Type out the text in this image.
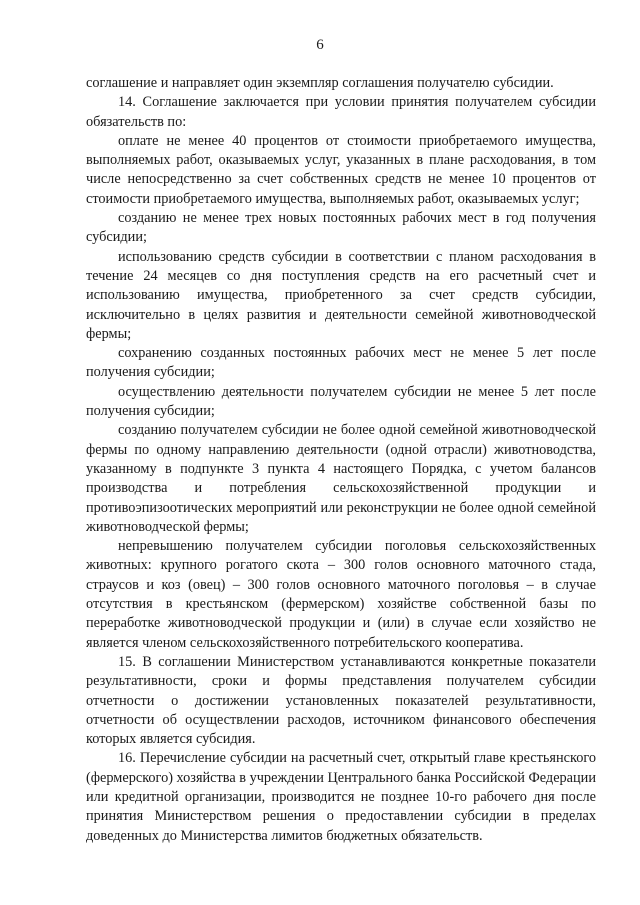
6

соглашение и направляет один экземпляр соглашения получателю субсидии.

14. Соглашение заключается при условии принятия получателем субсидии обязательств по:

оплате не менее 40 процентов от стоимости приобретаемого имущества, выполняемых работ, оказываемых услуг, указанных в плане расходования, в том числе непосредственно за счет собственных средств не менее 10 процентов от стоимости приобретаемого имущества, выполняемых работ, оказываемых услуг;

созданию не менее трех новых постоянных рабочих мест в год получения субсидии;

использованию средств субсидии в соответствии с планом расходования в течение 24 месяцев со дня поступления средств на его расчетный счет и использованию имущества, приобретенного за счет средств субсидии, исключительно в целях развития и деятельности семейной животноводческой фермы;

сохранению созданных постоянных рабочих мест не менее 5 лет после получения субсидии;

осуществлению деятельности получателем субсидии не менее 5 лет после получения субсидии;

созданию получателем субсидии не более одной семейной животноводческой фермы по одному направлению деятельности (одной отрасли) животноводства, указанному в подпункте 3 пункта 4 настоящего Порядка, с учетом балансов производства и потребления сельскохозяйственной продукции и противоэпизоотических мероприятий или реконструкции не более одной семейной животноводческой фермы;

непревышению получателем субсидии поголовья сельскохозяйственных животных: крупного рогатого скота – 300 голов основного маточного стада, страусов и коз (овец) – 300 голов основного маточного поголовья – в случае отсутствия в крестьянском (фермерском) хозяйстве собственной базы по переработке животноводческой продукции и (или) в случае если хозяйство не является членом сельскохозяйственного потребительского кооператива.

15. В соглашении Министерством устанавливаются конкретные показатели результативности, сроки и формы представления получателем субсидии отчетности о достижении установленных показателей результативности, отчетности об осуществлении расходов, источником финансового обеспечения которых является субсидия.

16. Перечисление субсидии на расчетный счет, открытый главе крестьянского (фермерского) хозяйства в учреждении Центрального банка Российской Федерации или кредитной организации, производится не позднее 10-го рабочего дня после принятия Министерством решения о предоставлении субсидии в пределах доведенных до Министерства лимитов бюджетных обязательств.
